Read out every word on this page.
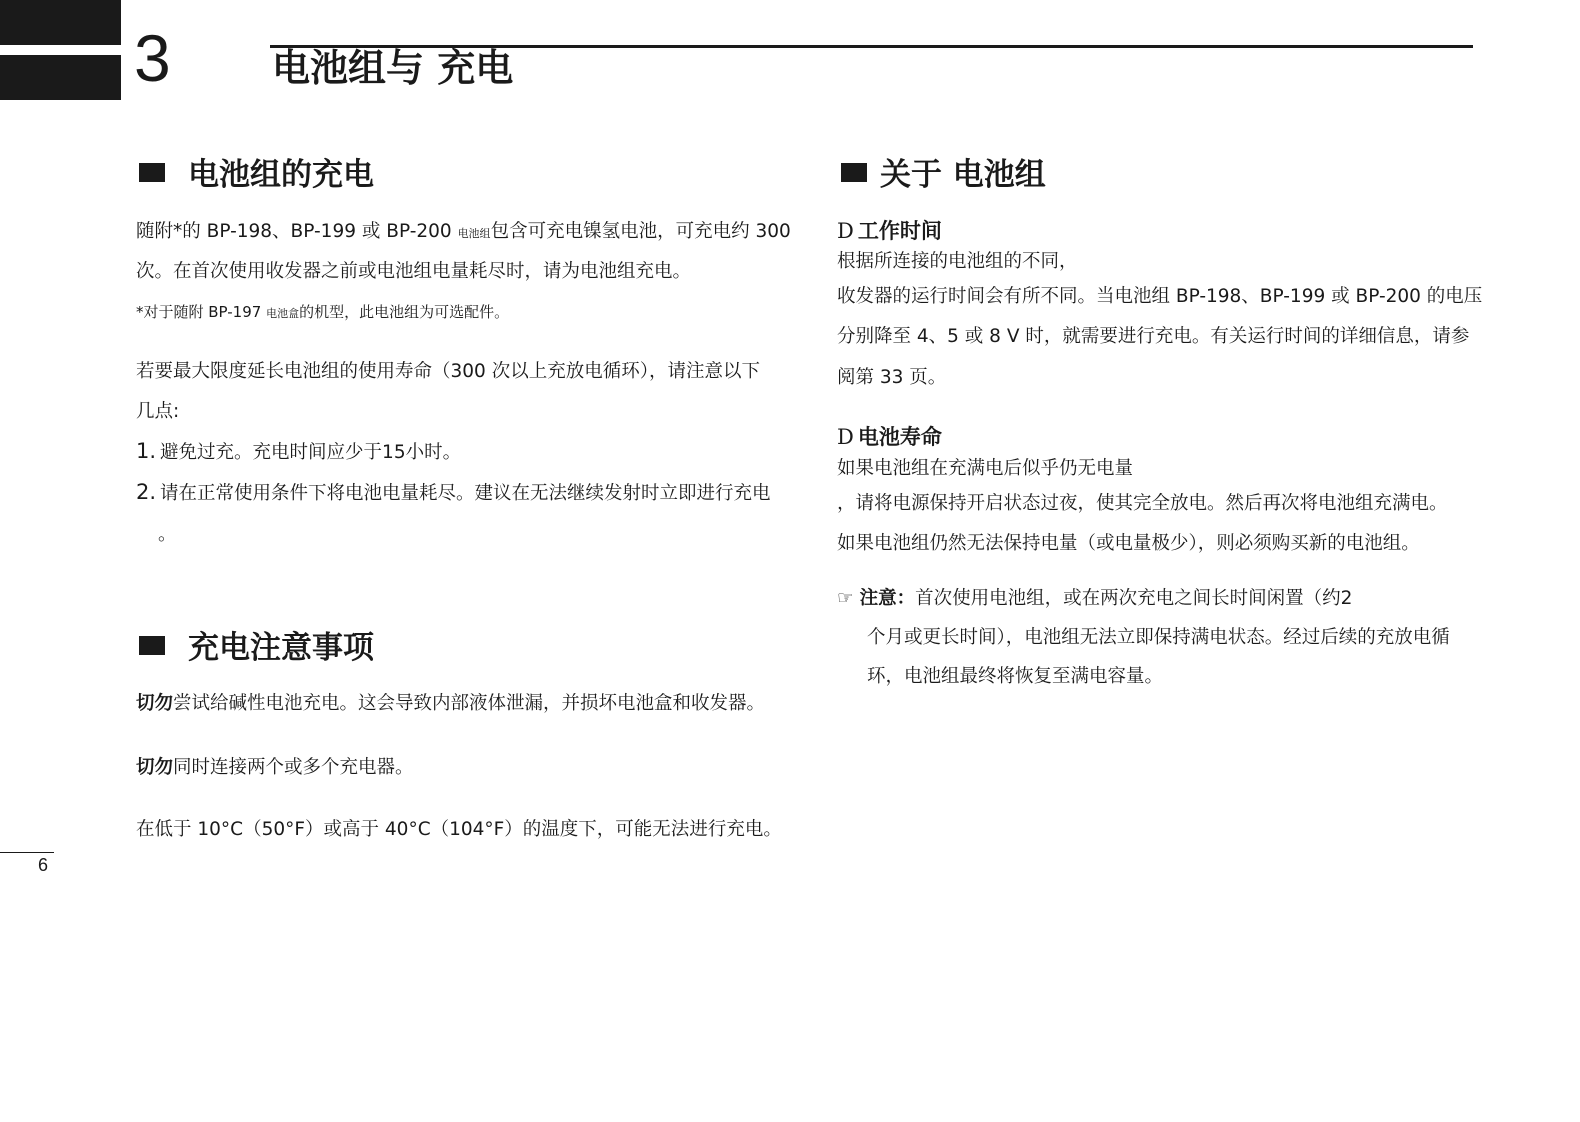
3	电池组与 充电
电池组的充电
随附*的 BP-198、BP-199 或 BP-200 电池组包含可充电镍氢电池，可充电约 300
次。在首次使用收发器之前或电池组电量耗尽时，请为电池组充电。
*对于随附 BP-197 电池盒的机型，此电池组为可选配件。
若要最大限度延长电池组的使用寿命（300 次以上充放电循环），请注意以下
几点:
1. 避免过充。充电时间应少于15小时。
2. 请在正常使用条件下将电池电量耗尽。建议在无法继续发射时立即进行充电
。
充电注意事项
切勿尝试给碱性电池充电。这会导致内部液体泄漏，并损坏电池盒和收发器。
切勿同时连接两个或多个充电器。
在低于 10°C（50°F）或高于 40°C（104°F）的温度下，可能无法进行充电。
6
关于 电池组
D 工作时间
根据所连接的电池组的不同，
收发器的运行时间会有所不同。当电池组 BP-198、BP-199 或 BP-200 的电压
分别降至 4、5 或 8 V 时，就需要进行充电。有关运行时间的详细信息，请参
阅第 33 页。
D 电池寿命
如果电池组在充满电后似乎仍无电量
，请将电源保持开启状态过夜，使其完全放电。然后再次将电池组充满电。
如果电池组仍然无法保持电量（或电量极少），则必须购买新的电池组。
☞ 注意：首次使用电池组，或在两次充电之间长时间闲置（约2
个月或更长时间），电池组无法立即保持满电状态。经过后续的充放电循
环，电池组最终将恢复至满电容量。
